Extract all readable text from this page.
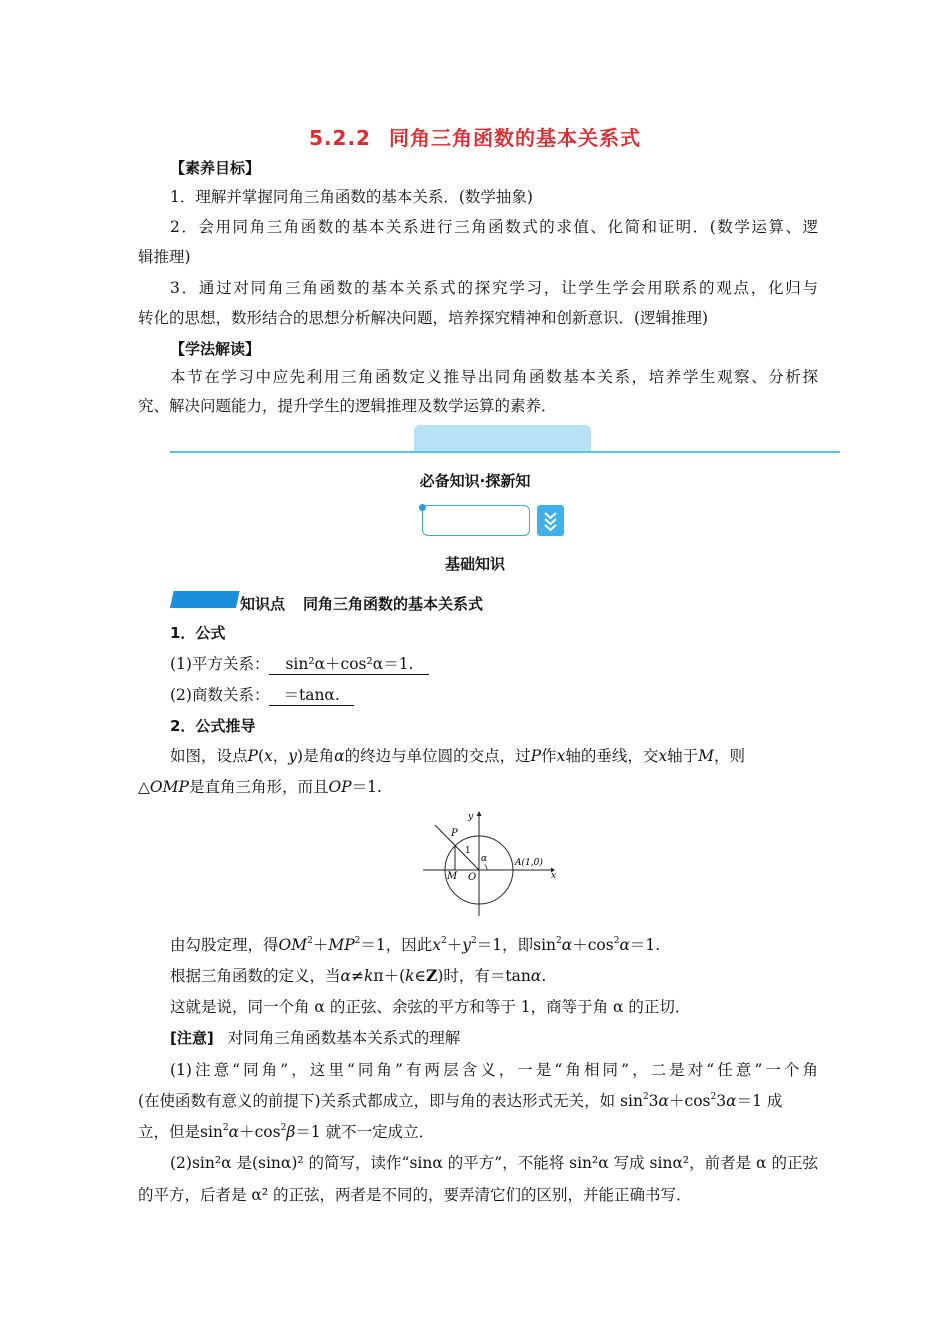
5.2.2 同角三角函数的基本关系式
【素养目标】
1．理解并掌握同角三角函数的基本关系．(数学抽象)
2．会用同角三角函数的基本关系进行三角函数式的求值、化简和证明．(数学运算、逻
辑推理)
3．通过对同角三角函数的基本关系式的探究学习，让学生学会用联系的观点，化归与
转化的思想，数形结合的思想分析解决问题，培养探究精神和创新意识．(逻辑推理)
【学法解读】
本节在学习中应先利用三角函数定义推导出同角函数基本关系，培养学生观察、分析探
究、解决问题能力，提升学生的逻辑推理及数学运算的素养．
必备知识·探新知
基础知识
知识点 同角三角函数的基本关系式
1．公式
(1)平方关系： sin²α＋cos²α＝1.
(2)商数关系： ＝tanα.
2．公式推导
如图，设点P(x，y)是角α的终边与单位圆的交点，过P作x轴的垂线，交x轴于M，则
△OMP是直角三角形，而且OP＝1.
P
M O
A(1,0)
x
y
1
α
由勾股定理，得$OM^2+MP^2=1$，因此$x^2+y^2=1$，即$\sin^2\alpha+\cos^2\alpha=1$.
根据三角函数的定义，当α≠kπ＋(k∈Z)时，有＝tanα.
这就是说，同一个角 α 的正弦、余弦的平方和等于 1，商等于角 α 的正切．
[注意] 对同角三角函数基本关系式的理解
(1)注意“同角”，这里“同角”有两层含义，一是“角相同”，二是对“任意”一个角
(在使函数有意义的前提下)关系式都成立，即与角的表达形式无关，如 $\sin^23\alpha+\cos^23\alpha=1$ 成
立，但是$\sin^2\alpha+\cos^2\beta=1$ 就不一定成立．
(2)sin²α 是(sinα)² 的简写，读作“sinα 的平方”，不能将 sin²α 写成 sinα²，前者是 α 的正弦
的平方，后者是 α² 的正弦，两者是不同的，要弄清它们的区别，并能正确书写．
